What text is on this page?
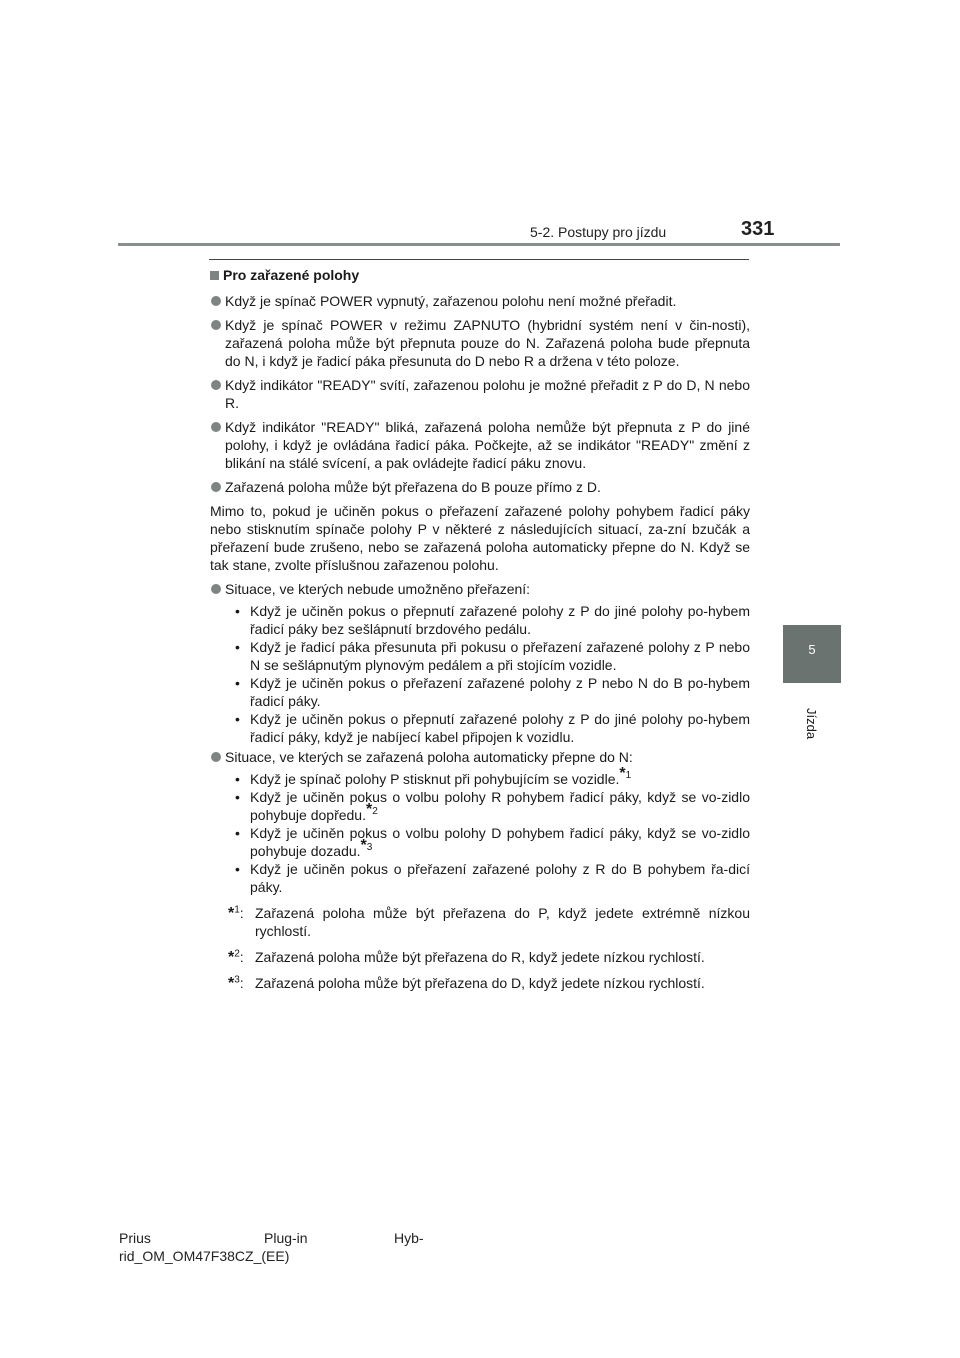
5-2. Postupy pro jízdu	331
5
Jízda
Pro zařazené polohy
Když je spínač POWER vypnutý, zařazenou polohu není možné přeřadit.
Když je spínač POWER v režimu ZAPNUTO (hybridní systém není v čin-nosti), zařazená poloha může být přepnuta pouze do N. Zařazená poloha bude přepnuta do N, i když je řadicí páka přesunuta do D nebo R a držena v této poloze.
Když indikátor "READY" svítí, zařazenou polohu je možné přeřadit z P do D, N nebo R.
Když indikátor "READY" bliká, zařazená poloha nemůže být přepnuta z P do jiné polohy, i když je ovládána řadicí páka. Počkejte, až se indikátor "READY" změní z blikání na stálé svícení, a pak ovládejte řadicí páku znovu.
Zařazená poloha může být přeřazena do B pouze přímo z D.
Mimo to, pokud je učiněn pokus o přeřazení zařazené polohy pohybem řadicí páky nebo stisknutím spínače polohy P v některé z následujících situací, za-zní bzučák a přeřazení bude zrušeno, nebo se zařazená poloha automaticky přepne do N. Když se tak stane, zvolte příslušnou zařazenou polohu.
Situace, ve kterých nebude umožněno přeřazení:
• Když je učiněn pokus o přepnutí zařazené polohy z P do jiné polohy po-hybem řadicí páky bez sešlápnutí brzdového pedálu.
• Když je řadicí páka přesunuta při pokusu o přeřazení zařazené polohy z P nebo N se sešlápnutým plynovým pedálem a při stojícím vozidle.
• Když je učiněn pokus o přeřazení zařazené polohy z P nebo N do B po-hybem řadicí páky.
• Když je učiněn pokus o přepnutí zařazené polohy z P do jiné polohy po-hybem řadicí páky, když je nabíjecí kabel připojen k vozidlu.
Situace, ve kterých se zařazená poloha automaticky přepne do N:
• Když je spínač polohy P stisknut při pohybujícím se vozidle.$^{*1}$
• Když je učiněn pokus o volbu polohy R pohybem řadicí páky, když se vo-zidlo pohybuje dopředu.$^{*2}$
• Když je učiněn pokus o volbu polohy D pohybem řadicí páky, když se vo-zidlo pohybuje dozadu.$^{*3}$
• Když je učiněn pokus o přeřazení zařazené polohy z R do B pohybem řa-dicí páky.
*$^1$: Zařazená poloha může být přeřazena do P, když jedete extrémně nízkou rychlostí.
*$^2$: Zařazená poloha může být přeřazena do R, když jedete nízkou rychlostí.
*$^3$: Zařazená poloha může být přeřazena do D, když jedete nízkou rychlostí.
Prius	Plug-in	Hyb-
rid_OM_OM47F38CZ_(EE)
